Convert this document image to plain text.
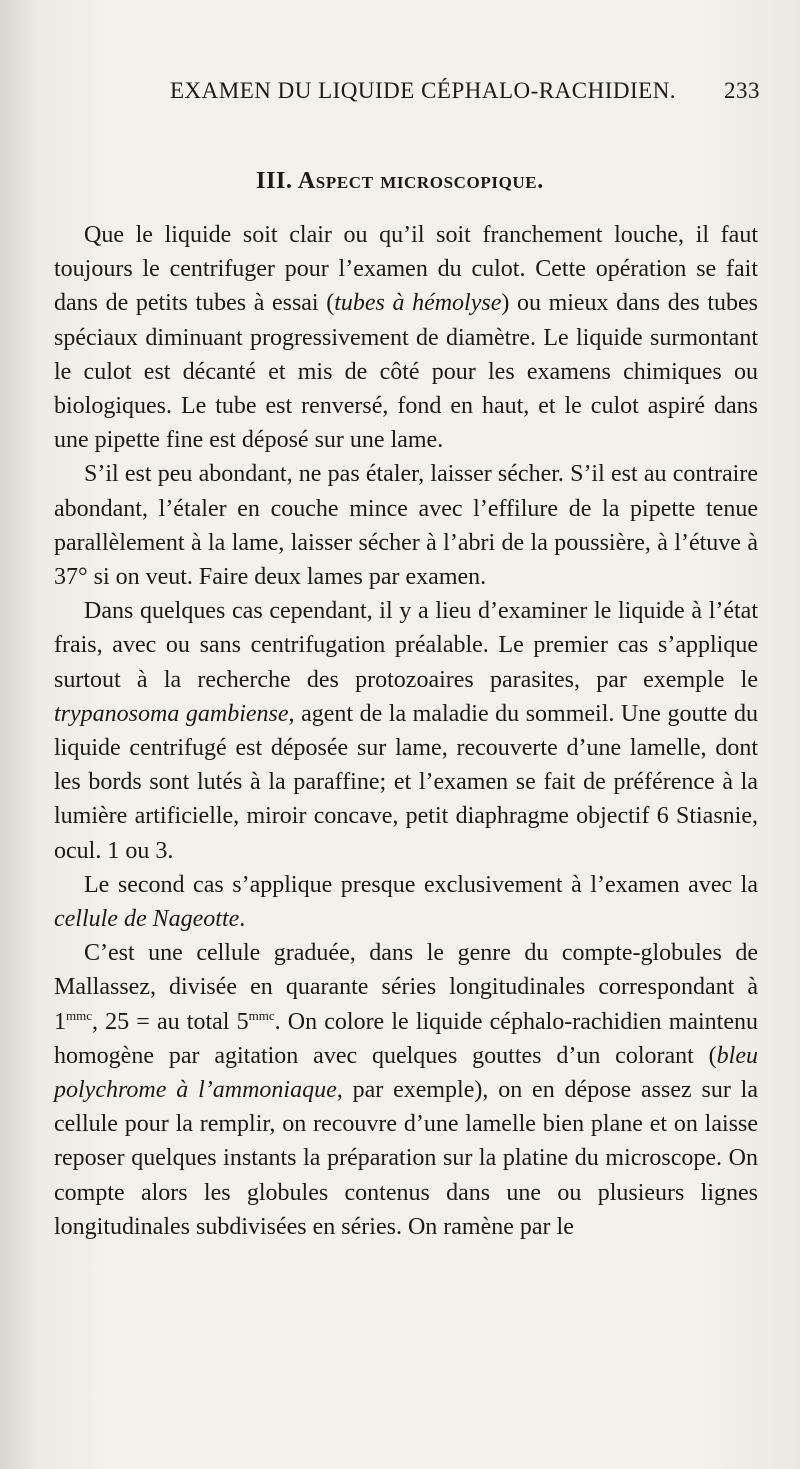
EXAMEN DU LIQUIDE CÉPHALO-RACHIDIEN. 233
III. Aspect microscopique.

Que le liquide soit clair ou qu’il soit franchement louche, il faut toujours le centrifuger pour l’examen du culot. Cette opération se fait dans de petits tubes à essai (tubes à hémolyse) ou mieux dans des tubes spéciaux diminuant progressivement de diamètre. Le liquide surmontant le culot est décanté et mis de côté pour les examens chimiques ou biologiques. Le tube est renversé, fond en haut, et le culot aspiré dans une pipette fine est déposé sur une lame.

S’il est peu abondant, ne pas étaler, laisser sécher. S’il est au contraire abondant, l’étaler en couche mince avec l’effilure de la pipette tenue parallèlement à la lame, laisser sécher à l’abri de la poussière, à l’étuve à 37° si on veut. Faire deux lames par examen.

Dans quelques cas cependant, il y a lieu d’examiner le liquide à l’état frais, avec ou sans centrifugation préalable. Le premier cas s’applique surtout à la recherche des protozoaires parasites, par exemple le trypanosoma gambiense, agent de la maladie du sommeil. Une goutte du liquide centrifugé est déposée sur lame, recouverte d’une lamelle, dont les bords sont lutés à la paraffine; et l’examen se fait de préférence à la lumière artificielle, miroir concave, petit diaphragme objectif 6 Stiasnie, ocul. 1 ou 3.

Le second cas s’applique presque exclusivement à l’examen avec la cellule de Nageotte.

C’est une cellule graduée, dans le genre du compte-globules de Mallassez, divisée en quarante séries longitudinales correspondant à $1^{mmc}$, 25 = au total $5^{mmc}$. On colore le liquide céphalo-rachidien maintenu homogène par agitation avec quelques gouttes d’un colorant (bleu polychrome à l’ammoniaque, par exemple), on en dépose assez sur la cellule pour la remplir, on recouvre d’une lamelle bien plane et on laisse reposer quelques instants la préparation sur la platine du microscope. On compte alors les globules contenus dans une ou plusieurs lignes longitudinales subdivisées en séries. On ramène par le
